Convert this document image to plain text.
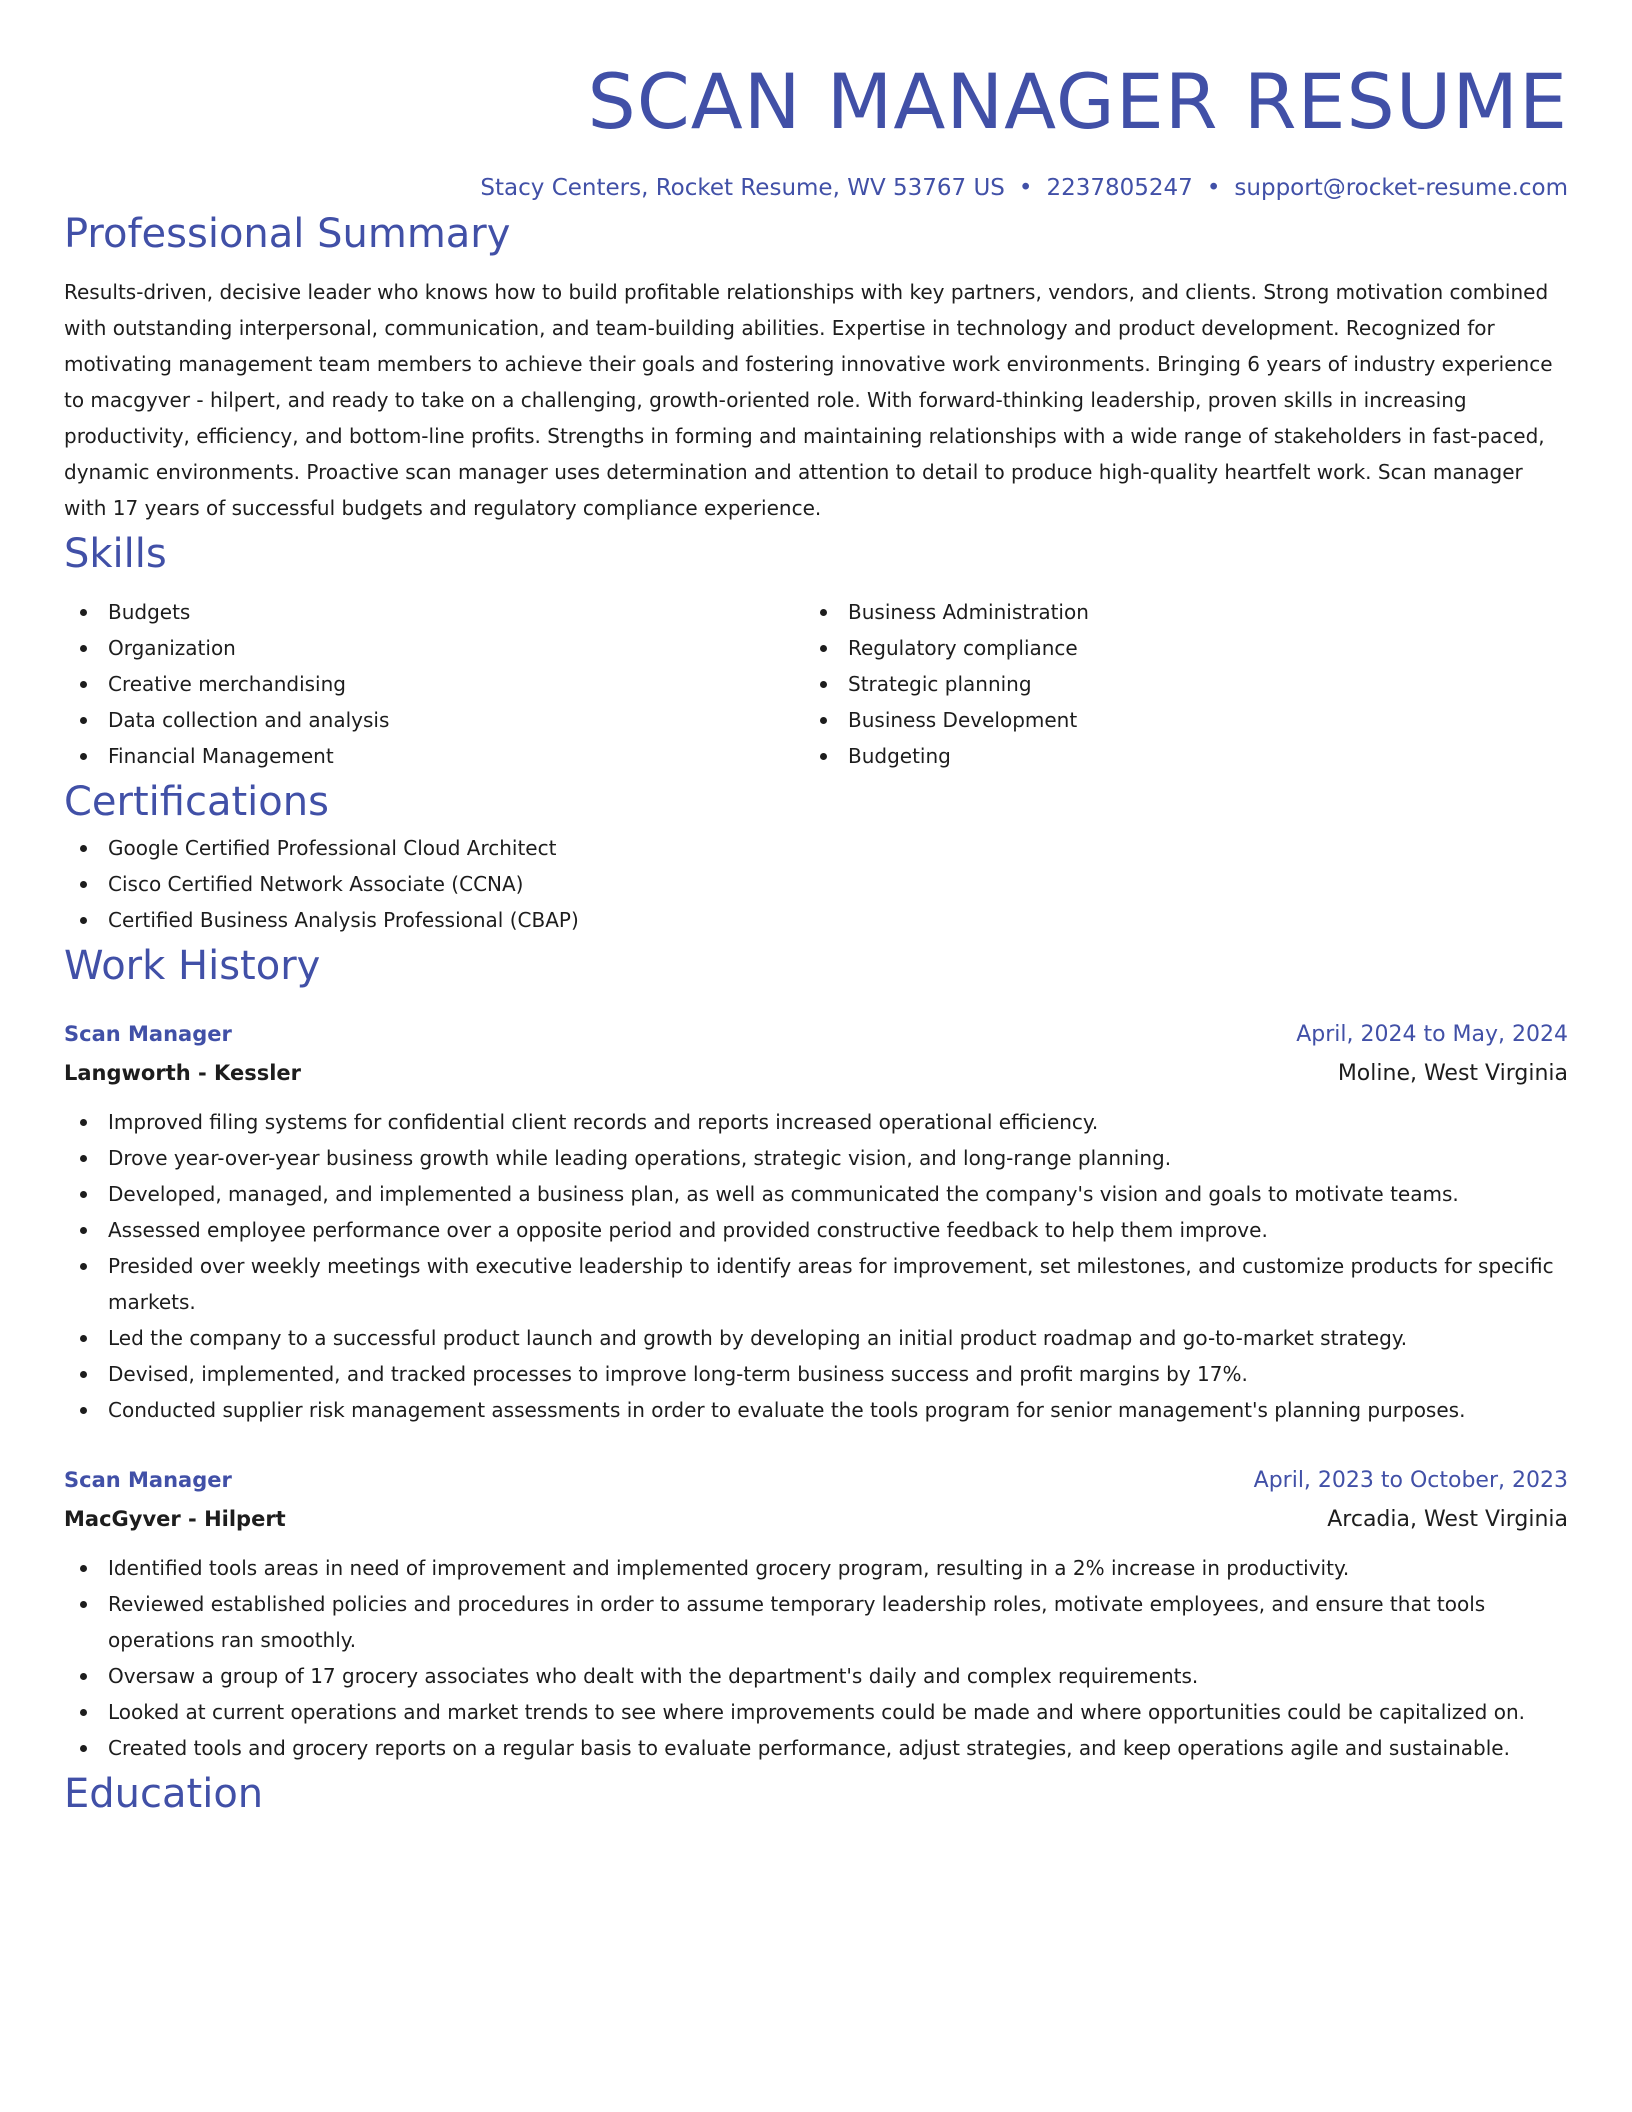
SCAN MANAGER RESUME
Stacy Centers, Rocket Resume, WV 53767 US • 2237805247 • support@rocket-resume.com
Professional Summary

Results-driven, decisive leader who knows how to build profitable relationships with key partners, vendors, and clients. Strong motivation combined with outstanding interpersonal, communication, and team-building abilities. Expertise in technology and product development. Recognized for motivating management team members to achieve their goals and fostering innovative work environments. Bringing 6 years of industry experience to macgyver - hilpert, and ready to take on a challenging, growth-oriented role. With forward-thinking leadership, proven skills in increasing productivity, efficiency, and bottom-line profits. Strengths in forming and maintaining relationships with a wide range of stakeholders in fast-paced, dynamic environments. Proactive scan manager uses determination and attention to detail to produce high-quality heartfelt work. Scan manager with 17 years of successful budgets and regulatory compliance experience.

Skills
Budgets
Organization
Creative merchandising
Data collection and analysis
Financial Management
Business Administration
Regulatory compliance
Strategic planning
Business Development
Budgeting
Certifications
Google Certified Professional Cloud Architect
Cisco Certified Network Associate (CCNA)
Certified Business Analysis Professional (CBAP)
Work History
Scan Manager	April, 2024 to May, 2024
Langworth - Kessler	Moline, West Virginia
Improved filing systems for confidential client records and reports increased operational efficiency.
Drove year-over-year business growth while leading operations, strategic vision, and long-range planning.
Developed, managed, and implemented a business plan, as well as communicated the company's vision and goals to motivate teams.
Assessed employee performance over a opposite period and provided constructive feedback to help them improve.
Presided over weekly meetings with executive leadership to identify areas for improvement, set milestones, and customize products for specific markets.
Led the company to a successful product launch and growth by developing an initial product roadmap and go-to-market strategy.
Devised, implemented, and tracked processes to improve long-term business success and profit margins by 17%.
Conducted supplier risk management assessments in order to evaluate the tools program for senior management's planning purposes.
Scan Manager	April, 2023 to October, 2023
MacGyver - Hilpert	Arcadia, West Virginia
Identified tools areas in need of improvement and implemented grocery program, resulting in a 2% increase in productivity.
Reviewed established policies and procedures in order to assume temporary leadership roles, motivate employees, and ensure that tools operations ran smoothly.
Oversaw a group of 17 grocery associates who dealt with the department's daily and complex requirements.
Looked at current operations and market trends to see where improvements could be made and where opportunities could be capitalized on.
Created tools and grocery reports on a regular basis to evaluate performance, adjust strategies, and keep operations agile and sustainable.
Education
